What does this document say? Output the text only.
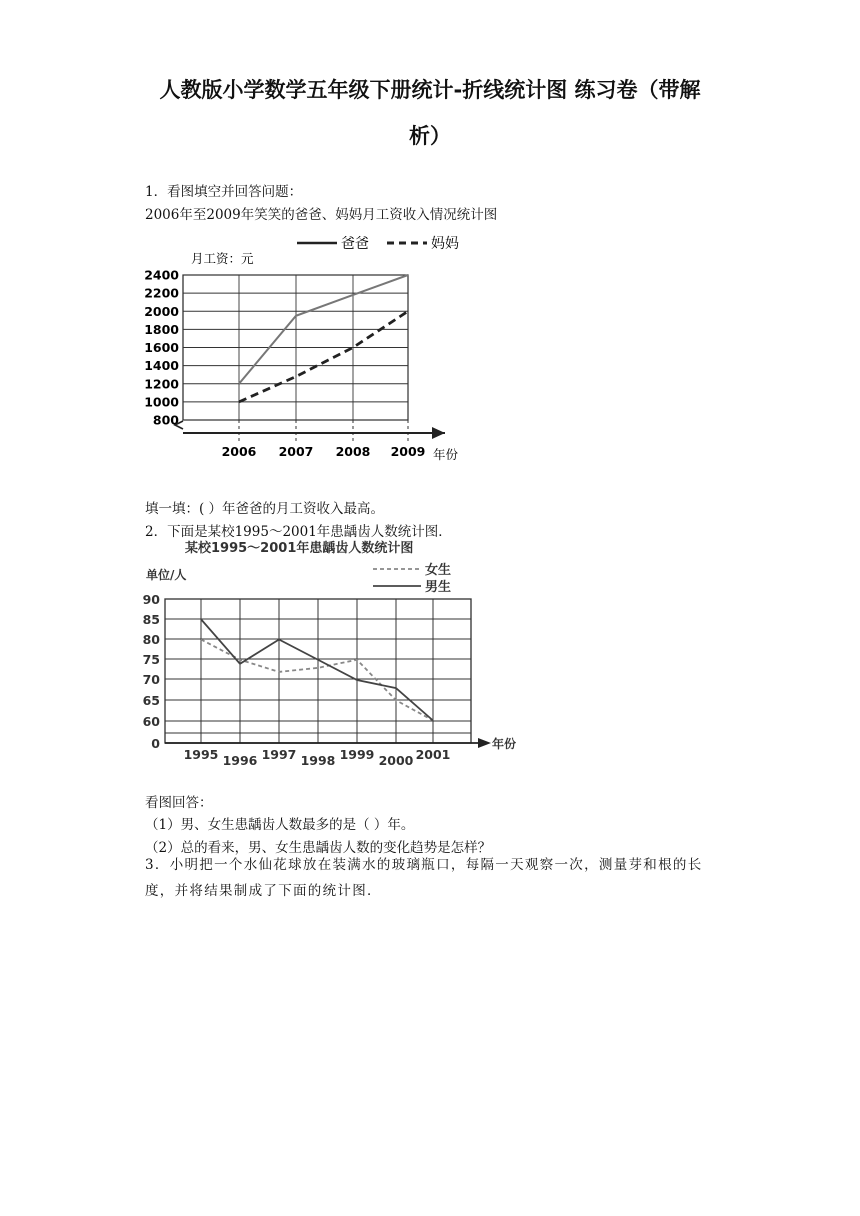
人教版小学数学五年级下册统计-折线统计图 练习卷（带解
析）
1．看图填空并回答问题：
2006年至2009年笑笑的爸爸、妈妈月工资收入情况统计图
月工资：元
爸爸	妈妈
800
1000
1200
1400
1600
1800
2000
2200
2400
2006 2007 2008 2009 年份
填一填：( ）年爸爸的月工资收入最高。
2．下面是某校1995～2001年患龋齿人数统计图．
某校1995～2001年患龋齿人数统计图
单位/人	女生
男生
0
60
65
70
75
80
85
90
1995 1996 1997 1998 1999 2000 2001
年份
看图回答：
（1）男、女生患龋齿人数最多的是（ ）年。
（2）总的看来，男、女生患龋齿人数的变化趋势是怎样？
3．小明把一个水仙花球放在装满水的玻璃瓶口，每隔一天观察一次，测量芽和根的长度，并将结果制成了下面的统计图．
